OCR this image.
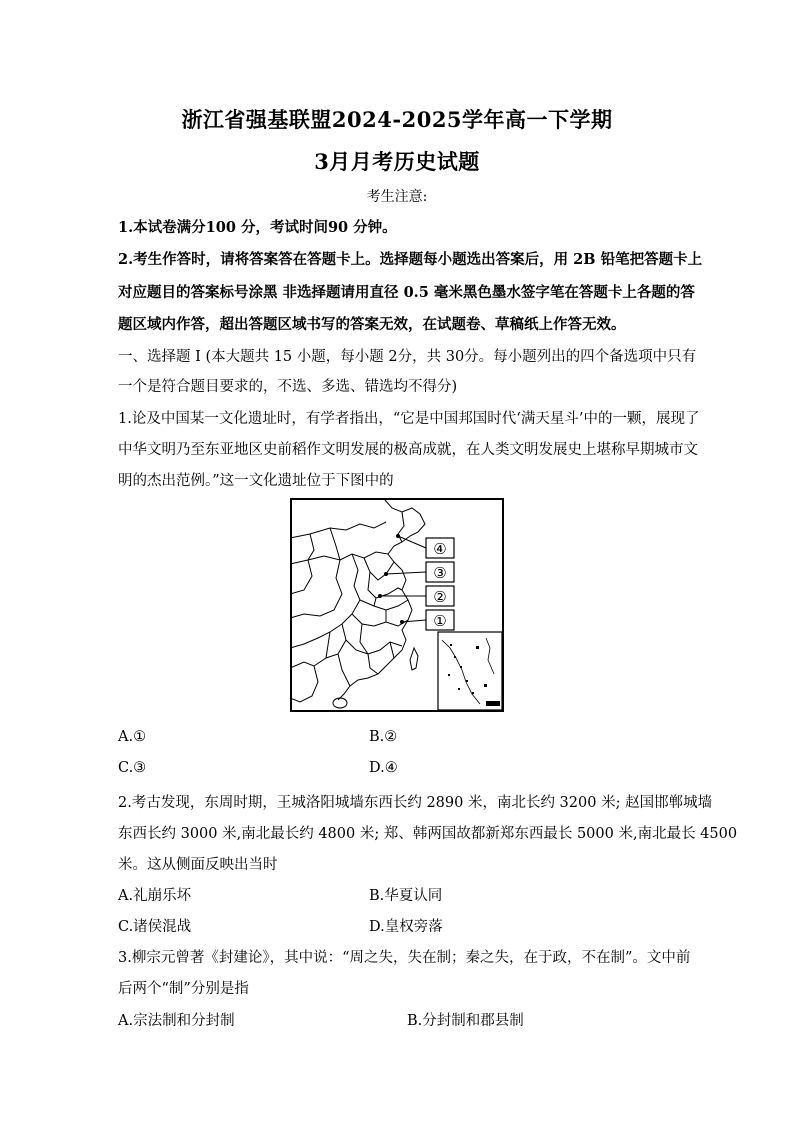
浙江省强基联盟2024-2025学年高一下学期
3月月考历史试题
考生注意:
1.本试卷满分100 分，考试时间90 分钟。
2.考生作答时，请将答案答在答题卡上。选择题每小题选出答案后，用 2B 铅笔把答题卡上
对应题目的答案标号涂黑 非选择题请用直径 0.5 毫米黑色墨水签字笔在答题卡上各题的答
题区域内作答，超出答题区域书写的答案无效，在试题卷、草稿纸上作答无效。
一、选择题 I (本大题共 15 小题，每小题 2分，共 30分。每小题列出的四个备选项中只有
一个是符合题目要求的，不选、多选、错选均不得分)
1.论及中国某一文化遗址时，有学者指出，“它是中国邦国时代‘满天星斗’中的一颗，展现了
中华文明乃至东亚地区史前稻作文明发展的极高成就，在人类文明发展史上堪称早期城市文
明的杰出范例。”这一文化遗址位于下图中的
④
③
②
①
A.①	B.②
C.③	D.④
2.考古发现，东周时期，王城洛阳城墙东西长约 2890 米，南北长约 3200 米; 赵国邯郸城墙
东西长约 3000 米,南北最长约 4800 米; 郑、韩两国故都新郑东西最长 5000 米,南北最长 4500
米。这从侧面反映出当时
A.礼崩乐坏	B.华夏认同
C.诸侯混战	D.皇权旁落
3.柳宗元曾著《封建论》，其中说：“周之失，失在制；秦之失，在于政，不在制”。文中前
后两个“制”分别是指
A.宗法制和分封制	B.分封制和郡县制
